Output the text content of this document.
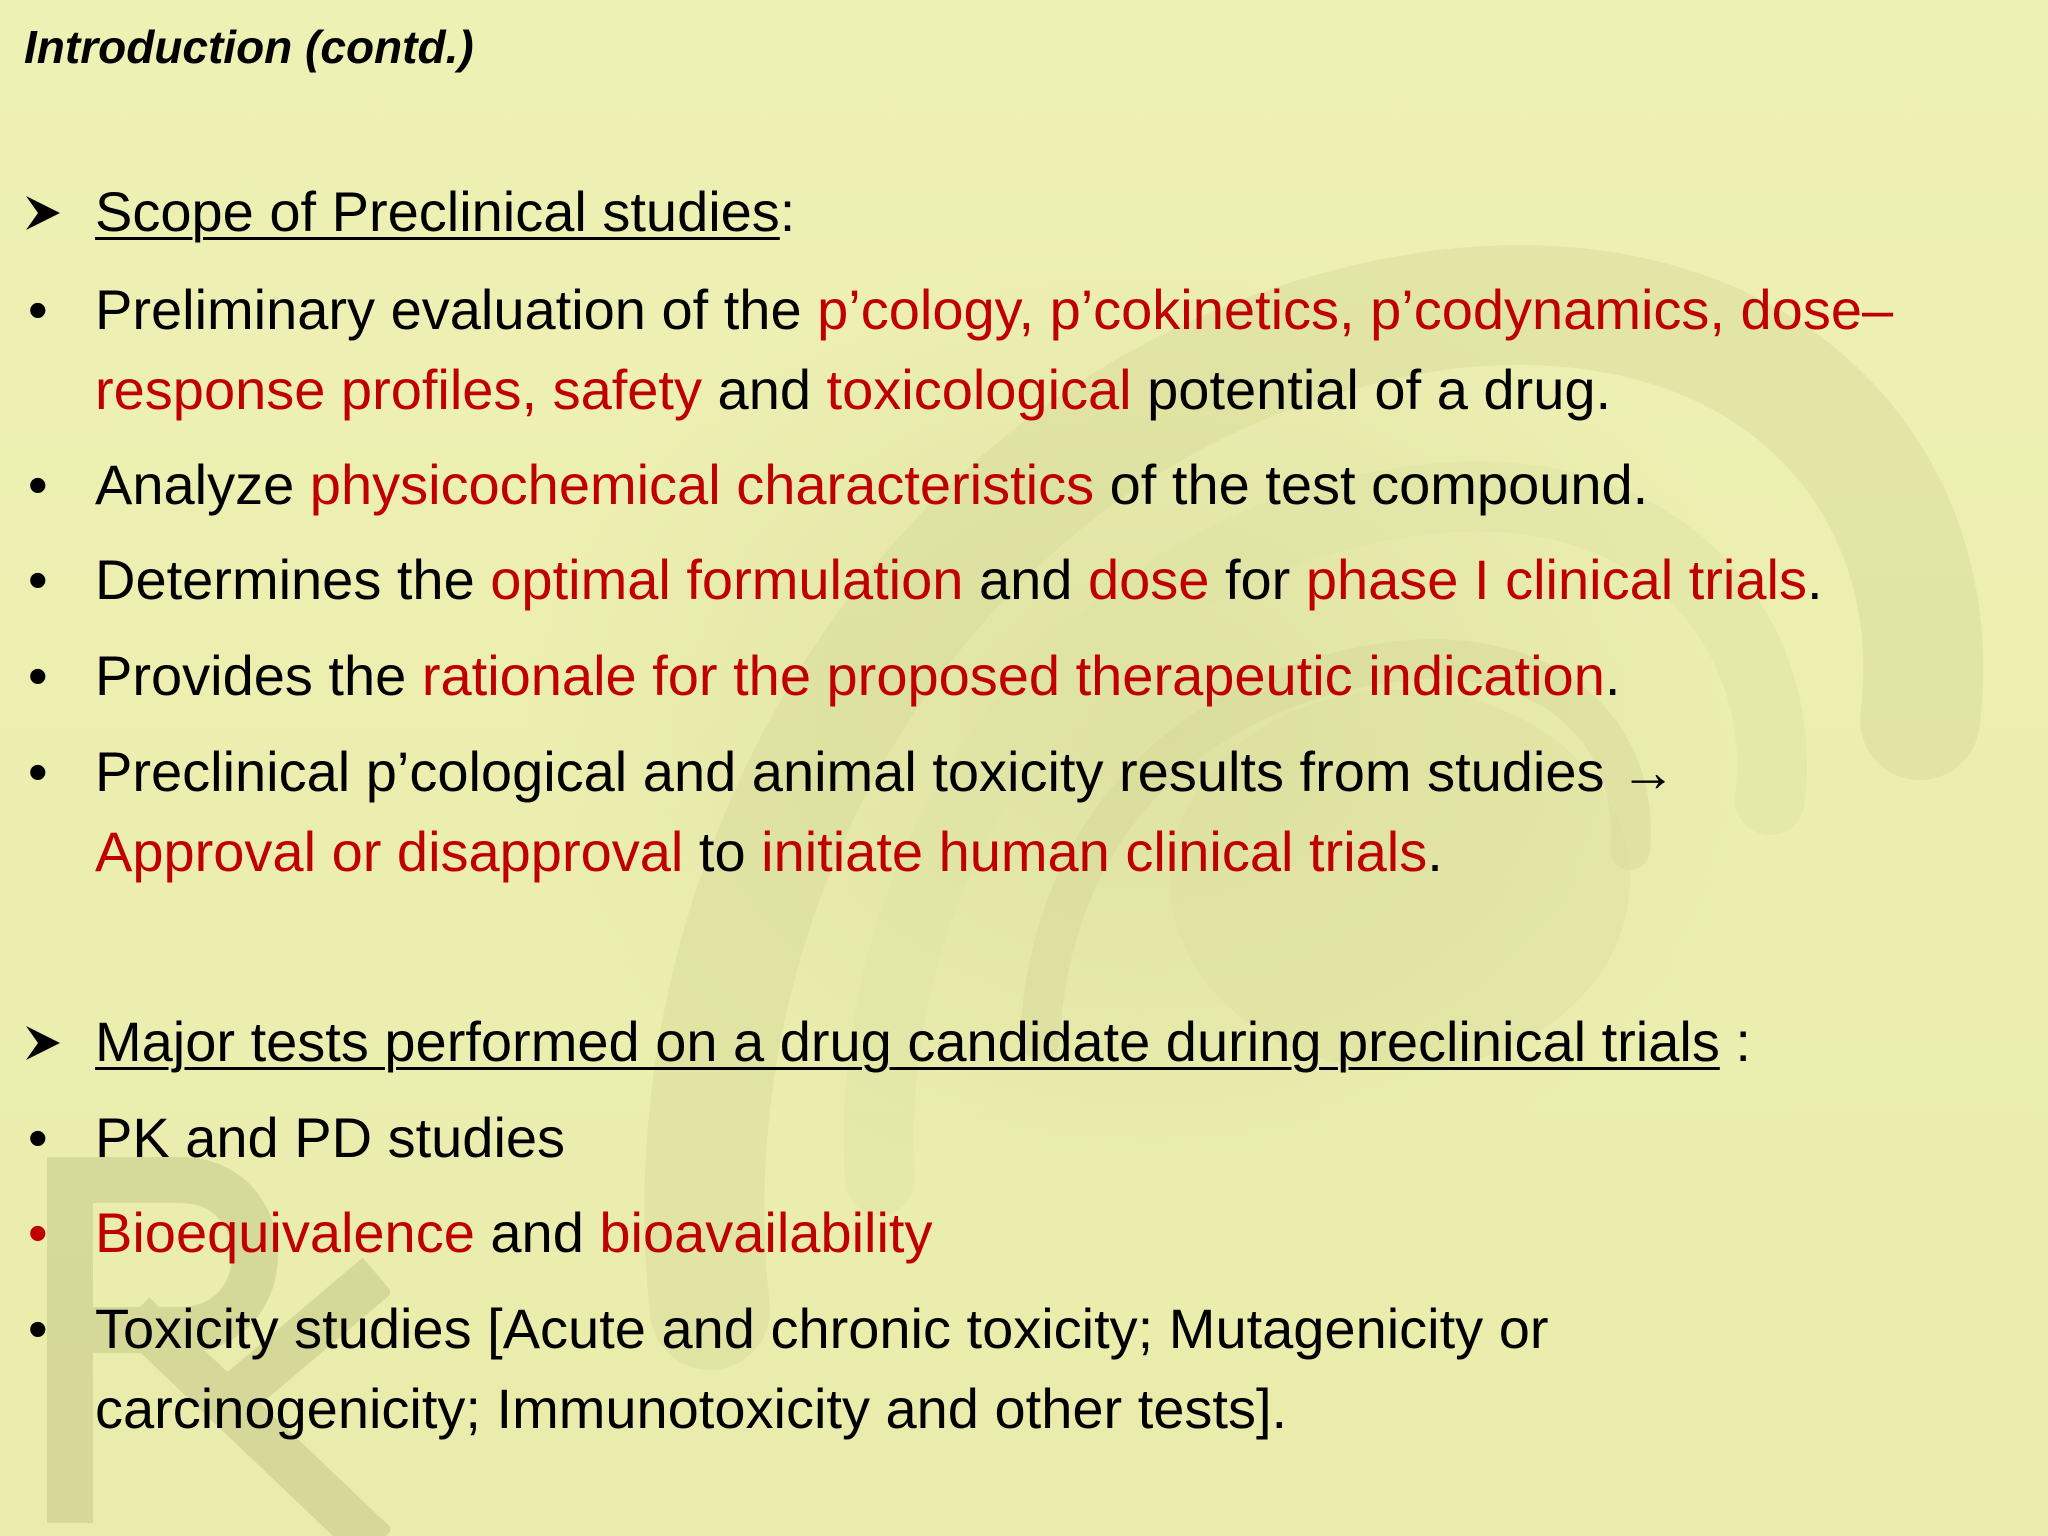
Introduction (contd.)
Scope of Preclinical studies:
• Preliminary evaluation of the p’cology, p’cokinetics, p’codynamics, dose–
response profiles, safety and toxicological potential of a drug.
• Analyze physicochemical characteristics of the test compound.
• Determines the optimal formulation and dose for phase I clinical trials.
• Provides the rationale for the proposed therapeutic indication.
• Preclinical p’cological and animal toxicity results from studies →
Approval or disapproval to initiate human clinical trials.
Major tests performed on a drug candidate during preclinical trials :
• PK and PD studies
• Bioequivalence and bioavailability
• Toxicity studies [Acute and chronic toxicity; Mutagenicity or
carcinogenicity; Immunotoxicity and other tests].
